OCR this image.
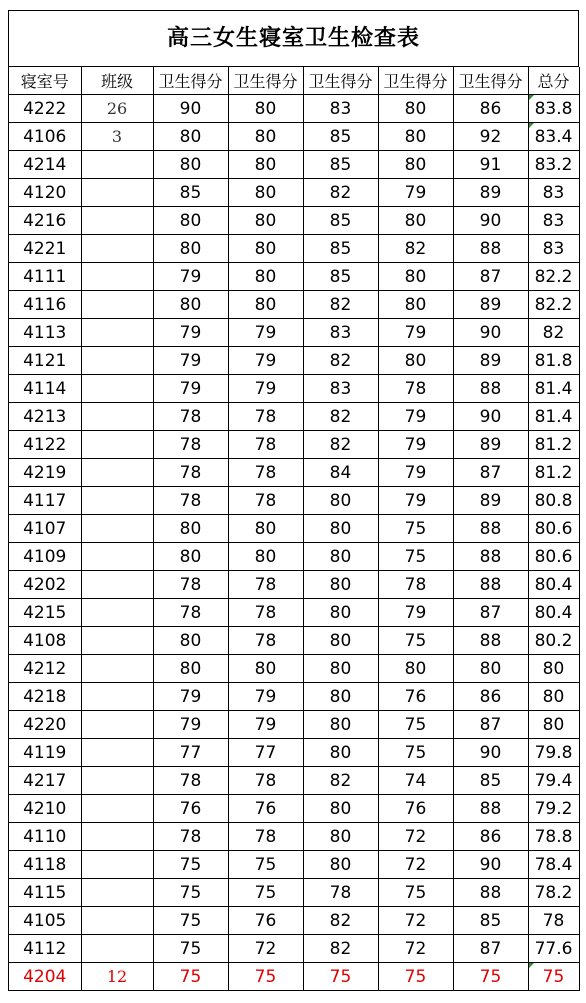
高三女生寝室卫生检查表
寝室号	班级	卫生得分	卫生得分	卫生得分	卫生得分	卫生得分	总分
4222	26	90	80	83	80	86	83.8

4106	3	80	80	85	80	92	83.4

4214		80	80	85	80	91	83.2
4120		85	80	82	79	89	83
4216		80	80	85	80	90	83
4221		80	80	85	82	88	83
4111		79	80	85	80	87	82.2
4116		80	80	82	80	89	82.2
4113		79	79	83	79	90	82
4121		79	79	82	80	89	81.8
4114		79	79	83	78	88	81.4
4213		78	78	82	79	90	81.4
4122		78	78	82	79	89	81.2
4219		78	78	84	79	87	81.2
4117		78	78	80	79	89	80.8
4107		80	80	80	75	88	80.6
4109		80	80	80	75	88	80.6
4202		78	78	80	78	88	80.4
4215		78	78	80	79	87	80.4
4108		80	78	80	75	88	80.2
4212		80	80	80	80	80	80
4218		79	79	80	76	86	80
4220		79	79	80	75	87	80
4119		77	77	80	75	90	79.8
4217		78	78	82	74	85	79.4
4210		76	76	80	76	88	79.2
4110		78	78	80	72	86	78.8
4118		75	75	80	72	90	78.4
4115		75	75	78	75	88	78.2
4105		75	76	82	72	85	78
4112		75	72	82	72	87	77.6
4204	12	75	75	75	75	75	75
